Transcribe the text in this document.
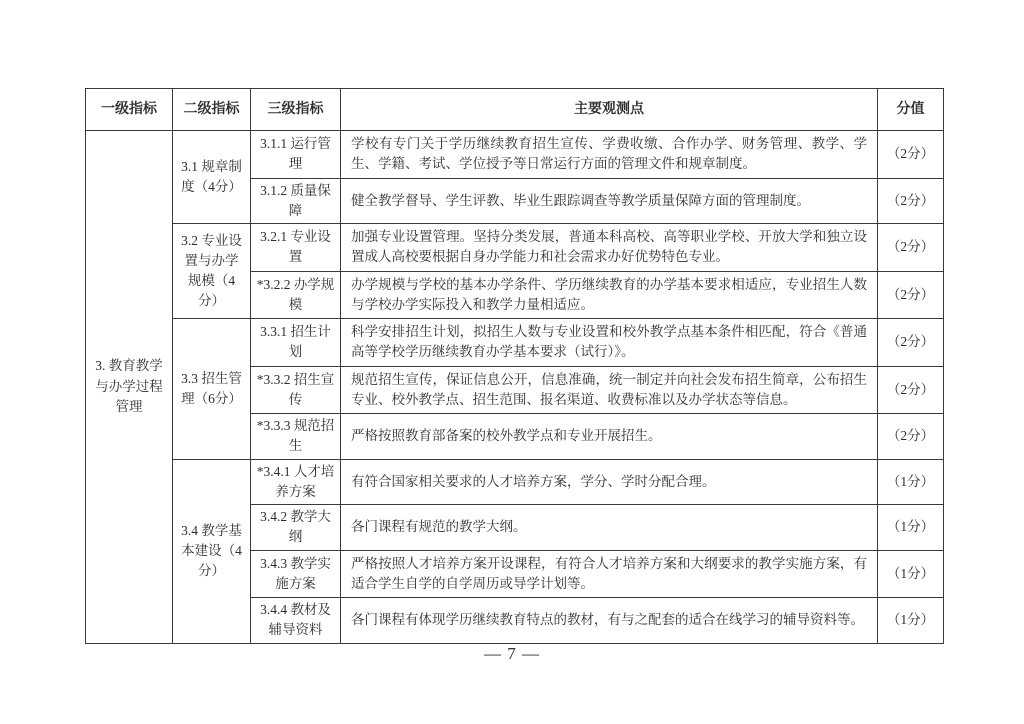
一级指标	二级指标	三级指标	主要观测点	分值
3. 教育教学与办学过程管理	3.1 规章制度（4分）	3.1.1 运行管理	学校有专门关于学历继续教育招生宣传、学费收缴、合作办学、财务管理、教学、学生、学籍、考试、学位授予等日常运行方面的管理文件和规章制度。	（2分）
		3.1.2 质量保障	健全教学督导、学生评教、毕业生跟踪调查等教学质量保障方面的管理制度。	（2分）
	3.2 专业设置与办学规模（4分）	3.2.1 专业设置	加强专业设置管理。坚持分类发展，普通本科高校、高等职业学校、开放大学和独立设置成人高校要根据自身办学能力和社会需求办好优势特色专业。	（2分）
		*3.2.2 办学规模	办学规模与学校的基本办学条件、学历继续教育的办学基本要求相适应，专业招生人数与学校办学实际投入和教学力量相适应。	（2分）
	3.3 招生管理（6分）	3.3.1 招生计划	科学安排招生计划，拟招生人数与专业设置和校外教学点基本条件相匹配，符合《普通高等学校学历继续教育办学基本要求（试行）》。	（2分）
		*3.3.2 招生宣传	规范招生宣传，保证信息公开，信息准确，统一制定并向社会发布招生简章，公布招生专业、校外教学点、招生范围、报名渠道、收费标准以及办学状态等信息。	（2分）
		*3.3.3 规范招生	严格按照教育部备案的校外教学点和专业开展招生。	（2分）
	3.4 教学基本建设（4分）	*3.4.1 人才培养方案	有符合国家相关要求的人才培养方案，学分、学时分配合理。	（1分）
		3.4.2 教学大纲	各门课程有规范的教学大纲。	（1分）
		3.4.3 教学实施方案	严格按照人才培养方案开设课程，有符合人才培养方案和大纲要求的教学实施方案，有适合学生自学的自学周历或导学计划等。	（1分）
		3.4.4 教材及辅导资料	各门课程有体现学历继续教育特点的教材，有与之配套的适合在线学习的辅导资料等。	（1分）
— 7 —
